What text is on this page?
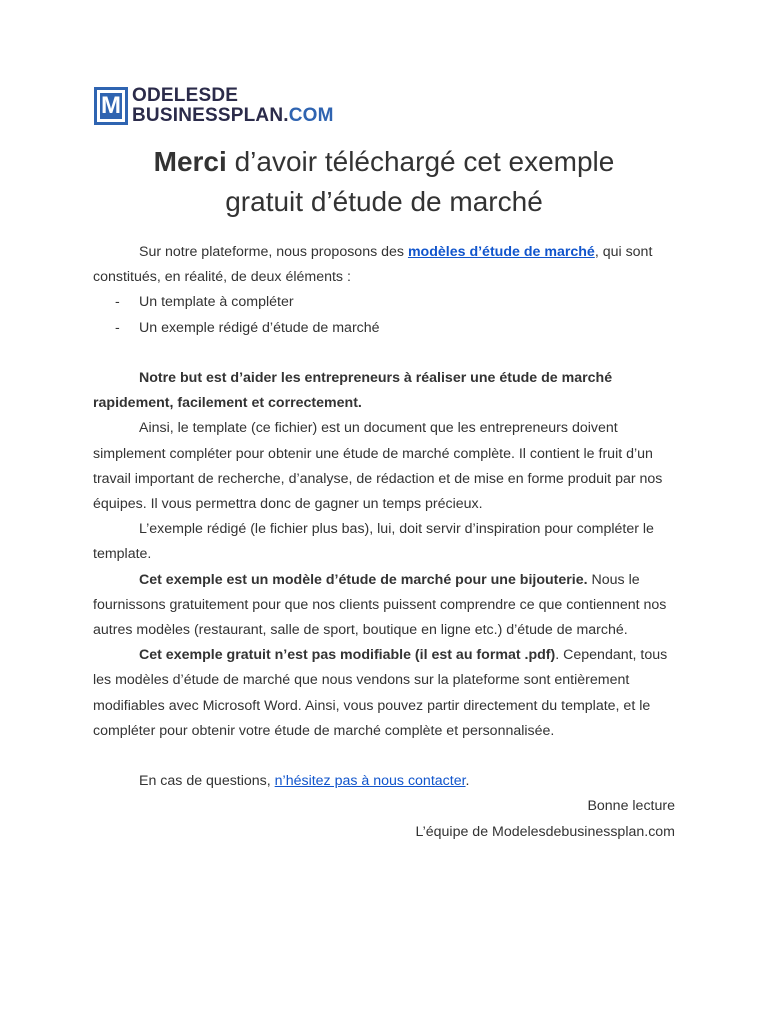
M ODELESDE
BUSINESSPLAN.COM
Merci d’avoir téléchargé cet exemple
gratuit d’étude de marché

Sur notre plateforme, nous proposons des modèles d’étude de marché, qui sont constitués, en réalité, de deux éléments :

- Un template à compléter
- Un exemple rédigé d’étude de marché

Notre but est d’aider les entrepreneurs à réaliser une étude de marché rapidement, facilement et correctement.

Ainsi, le template (ce fichier) est un document que les entrepreneurs doivent simplement compléter pour obtenir une étude de marché complète. Il contient le fruit d’un travail important de recherche, d’analyse, de rédaction et de mise en forme produit par nos équipes. Il vous permettra donc de gagner un temps précieux.

L’exemple rédigé (le fichier plus bas), lui, doit servir d’inspiration pour compléter le template.

Cet exemple est un modèle d’étude de marché pour une bijouterie. Nous le fournissons gratuitement pour que nos clients puissent comprendre ce que contiennent nos autres modèles (restaurant, salle de sport, boutique en ligne etc.) d’étude de marché.

Cet exemple gratuit n’est pas modifiable (il est au format .pdf). Cependant, tous les modèles d’étude de marché que nous vendons sur la plateforme sont entièrement modifiables avec Microsoft Word. Ainsi, vous pouvez partir directement du template, et le compléter pour obtenir votre étude de marché complète et personnalisée.

En cas de questions, n’hésitez pas à nous contacter.

Bonne lecture

L’équipe de Modelesdebusinessplan.com
